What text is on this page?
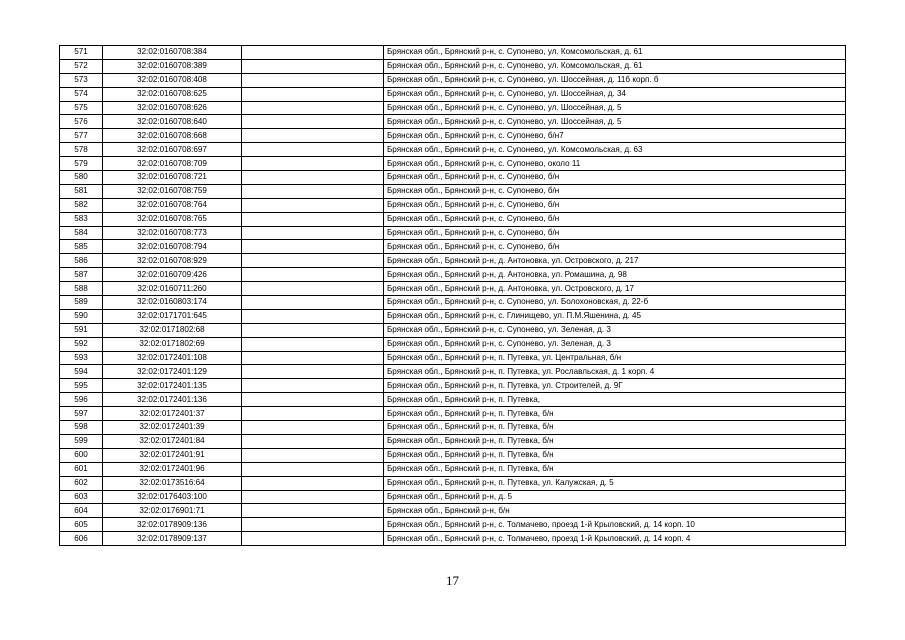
571	32:02:0160708:384		Брянская обл., Брянский р-н, с. Супонево, ул. Комсомольская, д. 61
572	32:02:0160708:389		Брянская обл., Брянский р-н, с. Супонево, ул. Комсомольская, д. 61
573	32:02:0160708:408		Брянская обл., Брянский р-н, с. Супонево, ул. Шоссейная, д. 11б корп. б
574	32:02:0160708:625		Брянская обл., Брянский р-н, с. Супонево, ул. Шоссейная, д. 34
575	32:02:0160708:626		Брянская обл., Брянский р-н, с. Супонево, ул. Шоссейная, д. 5
576	32:02:0160708:640		Брянская обл., Брянский р-н, с. Супонево, ул. Шоссейная, д. 5
577	32:02:0160708:668		Брянская обл., Брянский р-н, с. Супонево, б/н7
578	32:02:0160708:697		Брянская обл., Брянский р-н, с. Супонево, ул. Комсомольская, д. 63
579	32:02:0160708:709		Брянская обл., Брянский р-н, с. Супонево, около 11
580	32:02:0160708:721		Брянская обл., Брянский р-н, с. Супонево, б/н
581	32:02:0160708:759		Брянская обл., Брянский р-н, с. Супонево, б/н
582	32:02:0160708:764		Брянская обл., Брянский р-н, с. Супонево, б/н
583	32:02:0160708:765		Брянская обл., Брянский р-н, с. Супонево, б/н
584	32:02:0160708:773		Брянская обл., Брянский р-н, с. Супонево, б/н
585	32:02:0160708:794		Брянская обл., Брянский р-н, с. Супонево, б/н
586	32:02:0160708:929		Брянская обл., Брянский р-н, д. Антоновка, ул. Островского, д. 217
587	32:02:0160709:426		Брянская обл., Брянский р-н, д. Антоновка, ул. Ромашина, д. 98
588	32:02:0160711:260		Брянская обл., Брянский р-н, д. Антоновка, ул. Островского, д. 17
589	32:02:0160803:174		Брянская обл., Брянский р-н, с. Супонево, ул. Болохоновская, д. 22-б
590	32:02:0171701:645		Брянская обл., Брянский р-н, с. Глинищево, ул. П.М.Яшенина, д. 45
591	32:02:0171802:68		Брянская обл., Брянский р-н, с. Супонево, ул. Зеленая, д. 3
592	32:02:0171802:69		Брянская обл., Брянский р-н, с. Супонево, ул. Зеленая, д. 3
593	32:02:0172401:108		Брянская обл., Брянский р-н, п. Путевка, ул. Центральная, б/н
594	32:02:0172401:129		Брянская обл., Брянский р-н, п. Путевка, ул. Рославльская, д. 1 корп. 4
595	32:02:0172401:135		Брянская обл., Брянский р-н, п. Путевка, ул. Строителей, д. 9Г
596	32:02:0172401:136		Брянская обл., Брянский р-н, п. Путевка,
597	32:02:0172401:37		Брянская обл., Брянский р-н, п. Путевка, б/н
598	32:02:0172401:39		Брянская обл., Брянский р-н, п. Путевка, б/н
599	32:02:0172401:84		Брянская обл., Брянский р-н, п. Путевка, б/н
600	32:02:0172401:91		Брянская обл., Брянский р-н, п. Путевка, б/н
601	32:02:0172401:96		Брянская обл., Брянский р-н, п. Путевка, б/н
602	32:02:0173516:64		Брянская обл., Брянский р-н, п. Путевка, ул. Калужская, д. 5
603	32:02:0176403:100		Брянская обл., Брянский р-н, д. 5
604	32:02:0176901:71		Брянская обл., Брянский р-н, б/н
605	32:02:0178909:136		Брянская обл., Брянский р-н, с. Толмачево, проезд 1-й Крыловский, д. 14 корп. 10
606	32:02:0178909:137		Брянская обл., Брянский р-н, с. Толмачево, проезд 1-й Крыловский, д. 14 корп. 4
17
